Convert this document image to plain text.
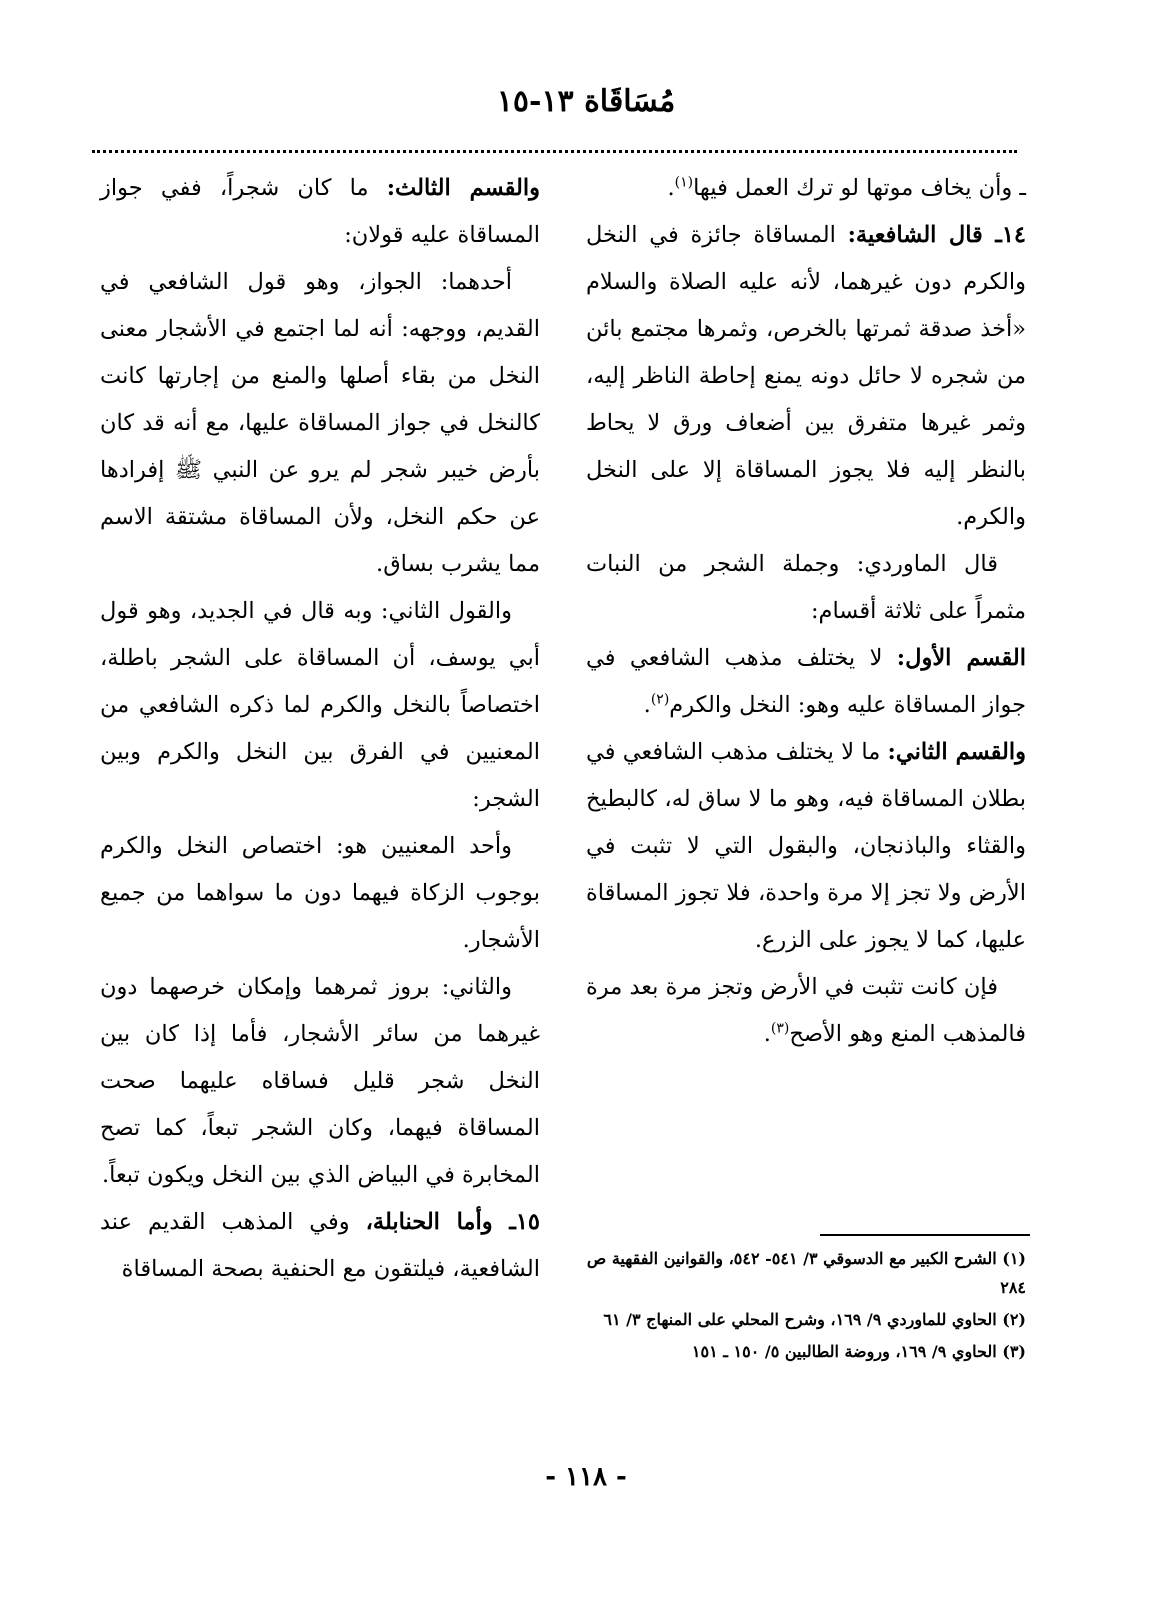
مُسَاقَاة ١٣-١٥

ـ وأن يخاف موتها لو ترك العمل فيها$^{(١)}$.

١٤ـ قال الشافعية: المساقاة جائزة في النخل والكرم دون غيرهما، لأنه عليه الصلاة والسلام «أخذ صدقة ثمرتها بالخرص، وثمرها مجتمع بائن من شجره لا حائل دونه يمنع إحاطة الناظر إليه، وثمر غيرها متفرق بين أضعاف ورق لا يحاط بالنظر إليه فلا يجوز المساقاة إلا على النخل والكرم.

قال الماوردي: وجملة الشجر من النبات مثمراً على ثلاثة أقسام:

القسم الأول: لا يختلف مذهب الشافعي في جواز المساقاة عليه وهو: النخل والكرم$^{(٢)}$.

والقسم الثاني: ما لا يختلف مذهب الشافعي في بطلان المساقاة فيه، وهو ما لا ساق له، كالبطيخ والقثاء والباذنجان، والبقول التي لا تثبت في الأرض ولا تجز إلا مرة واحدة، فلا تجوز المساقاة عليها، كما لا يجوز على الزرع.

فإن كانت تثبت في الأرض وتجز مرة بعد مرة فالمذهب المنع وهو الأصح$^{(٣)}$.

والقسم الثالث: ما كان شجراً، ففي جواز المساقاة عليه قولان:

أحدهما: الجواز، وهو قول الشافعي في القديم، ووجهه: أنه لما اجتمع في الأشجار معنى النخل من بقاء أصلها والمنع من إجارتها كانت كالنخل في جواز المساقاة عليها، مع أنه قد كان بأرض خيبر شجر لم يرو عن النبي ﷺ إفرادها عن حكم النخل، ولأن المساقاة مشتقة الاسم مما يشرب بساق.

والقول الثاني: وبه قال في الجديد، وهو قول أبي يوسف، أن المساقاة على الشجر باطلة، اختصاصاً بالنخل والكرم لما ذكره الشافعي من المعنيين في الفرق بين النخل والكرم وبين الشجر:

وأحد المعنيين هو: اختصاص النخل والكرم بوجوب الزكاة فيهما دون ما سواهما من جميع الأشجار.

والثاني: بروز ثمرهما وإمكان خرصهما دون غيرهما من سائر الأشجار، فأما إذا كان بين النخل شجر قليل فساقاه عليهما صحت المساقاة فيهما، وكان الشجر تبعاً، كما تصح المخابرة في البياض الذي بين النخل ويكون تبعاً.

١٥ـ وأما الحنابلة، وفي المذهب القديم عند الشافعية، فيلتقون مع الحنفية بصحة المساقاة	(١) الشرح الكبير مع الدسوقي ٣/ ٥٤١- ٥٤٢، والقوانين الفقهية ص ٢٨٤

(٢) الحاوي للماوردي ٩/ ١٦٩، وشرح المحلي على المنهاج ٣/ ٦١

(٣) الحاوي ٩/ ١٦٩، وروضة الطالبين ٥/ ١٥٠ ـ ١٥١

- ١١٨ -
